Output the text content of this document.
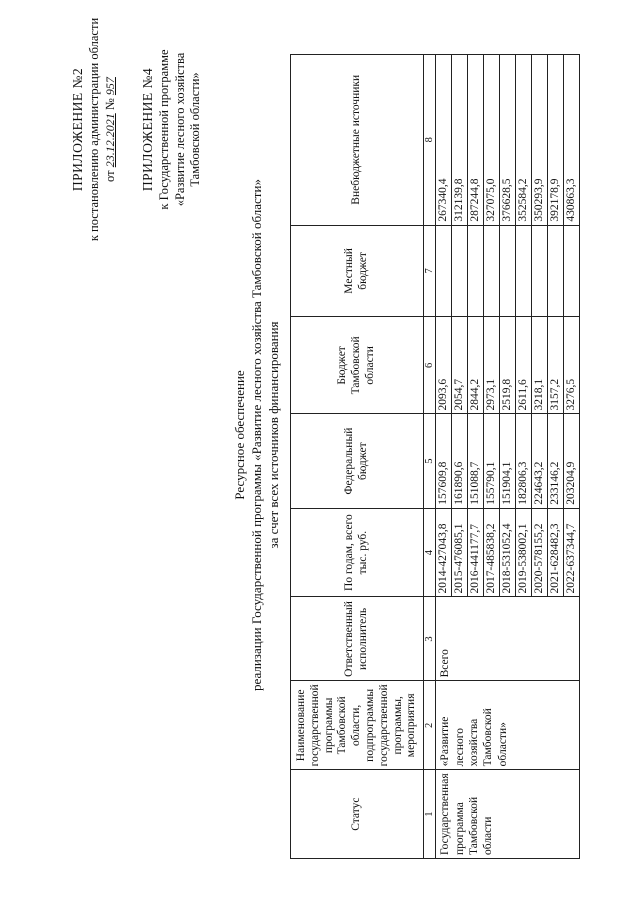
ПРИЛОЖЕНИЕ №2 к постановлению администрации области от 23.12.2021 № 957 ПРИЛОЖЕНИЕ №4 к Государственной программе «Развитие лесного хозяйства Тамбовской области»
Ресурсное обеспечение реализации Государственной программы «Развитие лесного хозяйства Тамбовской области» за счет всех источников финансирования
Статус	Наименование государственной программы Тамбовской области, подпрограммы государственной программы, мероприятия	Ответственный исполнитель	По годам, всего тыс. руб.	Федеральный бюджет	Бюджет Тамбовской области	Местный бюджет	Внебюджетные источники
1	2	3	4	5	6	7	8
Государственная программа Тамбовской области	«Развитие лесного хозяйства Тамбовской области»	Всего	2014-427043,8	157609,8	2093,6		267340,4
			2015-476085,1	161890,6	2054,7		312139,8
			2016-441177,7	151088,7	2844,2		287244,8
			2017-485838,2	155790,1	2973,1		327075,0
			2018-531052,4	151904,1	2519,8		376628,5
			2019-538002,1	182806,3	2611,6		352584,2
			2020-578155,2	224643,2	3218,1		350293,9
			2021-628482,3	233146,2	3157,2		392178,9
			2022-637344,7	203204,9	3276,5		430863,3
